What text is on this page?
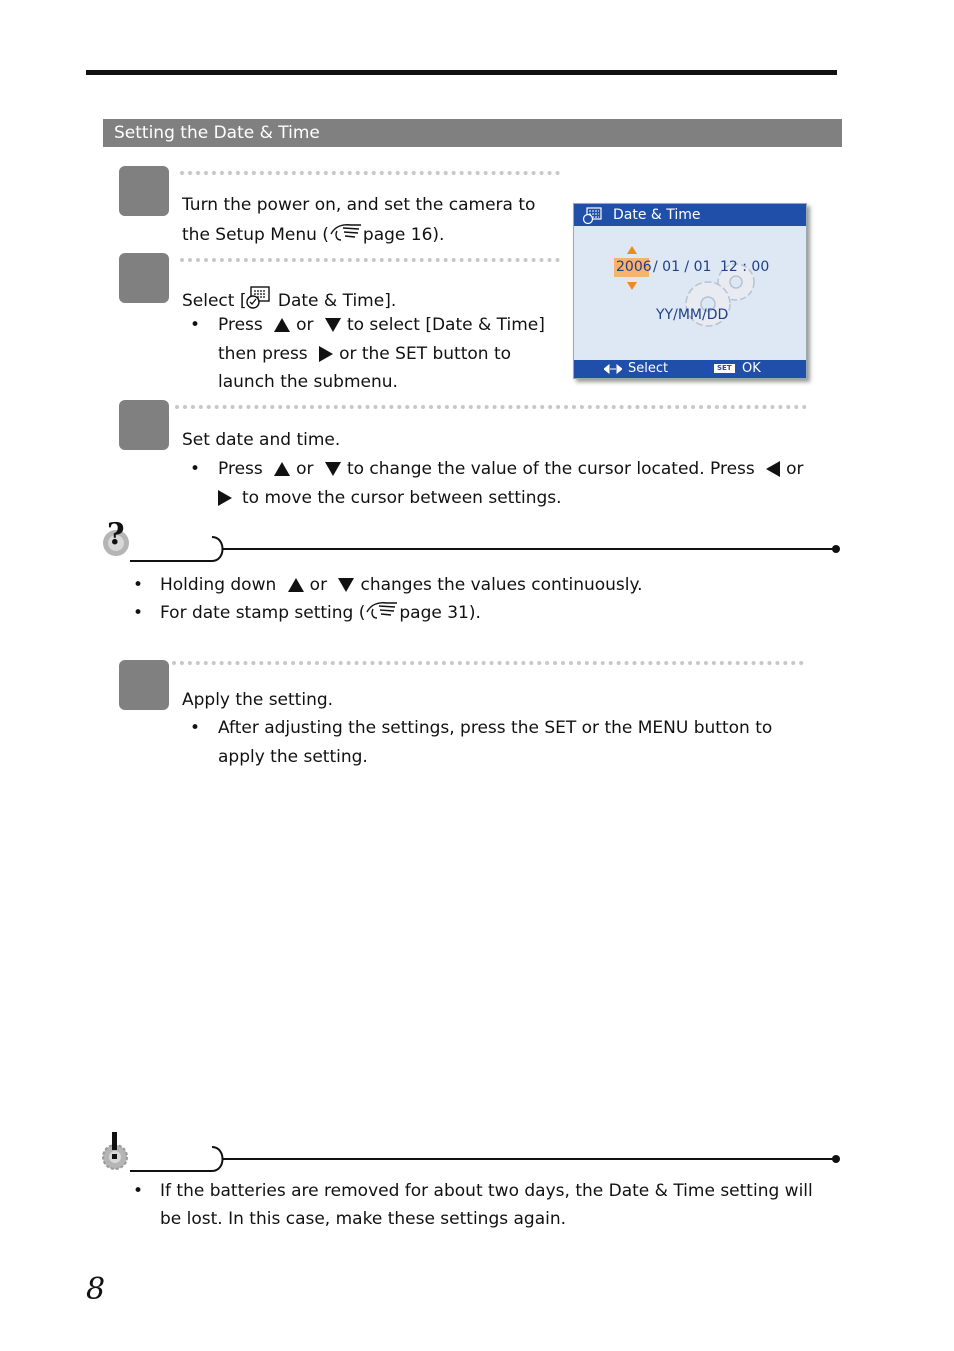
Setting the Date & Time
Turn the power on, and set the camera to
the Setup Menu ( page 16).
Select [ Date & Time].
• Press or to select [Date & Time]
then press or the SET button to
launch the submenu.
Date & Time
2006 / 01 / 01 12 : 00
YY/MM/DD
Select	SET OK
Set date and time.
• Press or to change the value of the cursor located. Press or
to move the cursor between settings.
?
• Holding down or changes the values continuously.
• For date stamp setting ( page 31).
Apply the setting.
• After adjusting the settings, press the SET or the MENU button to
apply the setting.
• If the batteries are removed for about two days, the Date & Time setting will
be lost. In this case, make these settings again.
8
